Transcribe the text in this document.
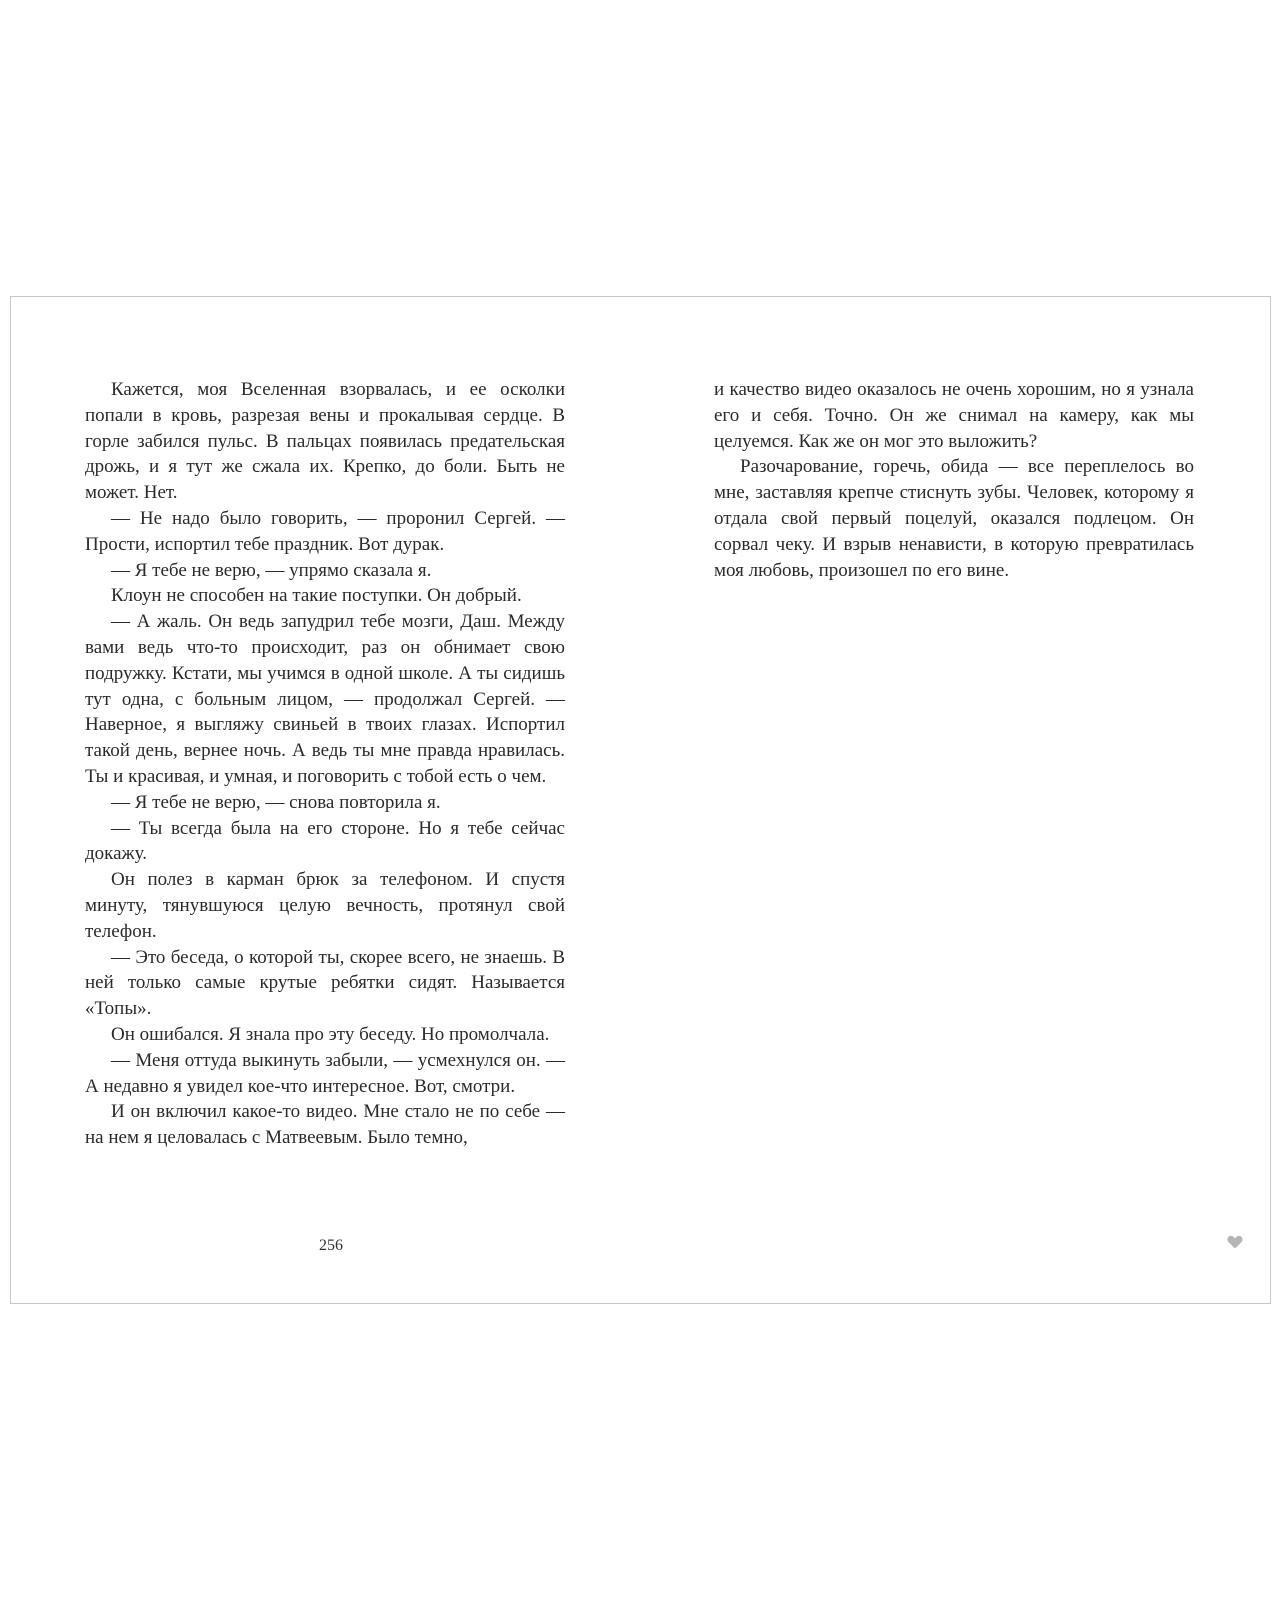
Кажется, моя Вселенная взорвалась, и ее осколки попали в кровь, разрезая вены и прокалывая сердце. В горле забился пульс. В пальцах появилась предательская дрожь, и я тут же сжала их. Крепко, до боли. Быть не может. Нет.

— Не надо было говорить, — проронил Сергей. — Прости, испортил тебе праздник. Вот дурак.

— Я тебе не верю, — упрямо сказала я.

Клоун не способен на такие поступки. Он добрый.

— А жаль. Он ведь запудрил тебе мозги, Даш. Между вами ведь что-то происходит, раз он обнимает свою подружку. Кстати, мы учимся в одной школе. А ты сидишь тут одна, с больным лицом, — продолжал Сергей. — Наверное, я выгляжу свиньей в твоих глазах. Испортил такой день, вернее ночь. А ведь ты мне правда нравилась. Ты и красивая, и умная, и поговорить с тобой есть о чем.

— Я тебе не верю, — снова повторила я.

— Ты всегда была на его стороне. Но я тебе сейчас докажу.

Он полез в карман брюк за телефоном. И спустя минуту, тянувшуюся целую вечность, протянул свой телефон.

— Это беседа, о которой ты, скорее всего, не знаешь. В ней только самые крутые ребятки сидят. Называется «Топы».

Он ошибался. Я знала про эту беседу. Но промолчала.

— Меня оттуда выкинуть забыли, — усмехнулся он. — А недавно я увидел кое-что интересное. Вот, смотри.

И он включил какое-то видео. Мне стало не по себе — на нем я целовалась с Матвеевым. Было темно,

256

и качество видео оказалось не очень хорошим, но я узнала его и себя. Точно. Он же снимал на камеру, как мы целуемся. Как же он мог это выложить?

Разочарование, горечь, обида — все переплелось во мне, заставляя крепче стиснуть зубы. Человек, которому я отдала свой первый поцелуй, оказался подлецом. Он сорвал чеку. И взрыв ненависти, в которую превратилась моя любовь, произошел по его вине.
